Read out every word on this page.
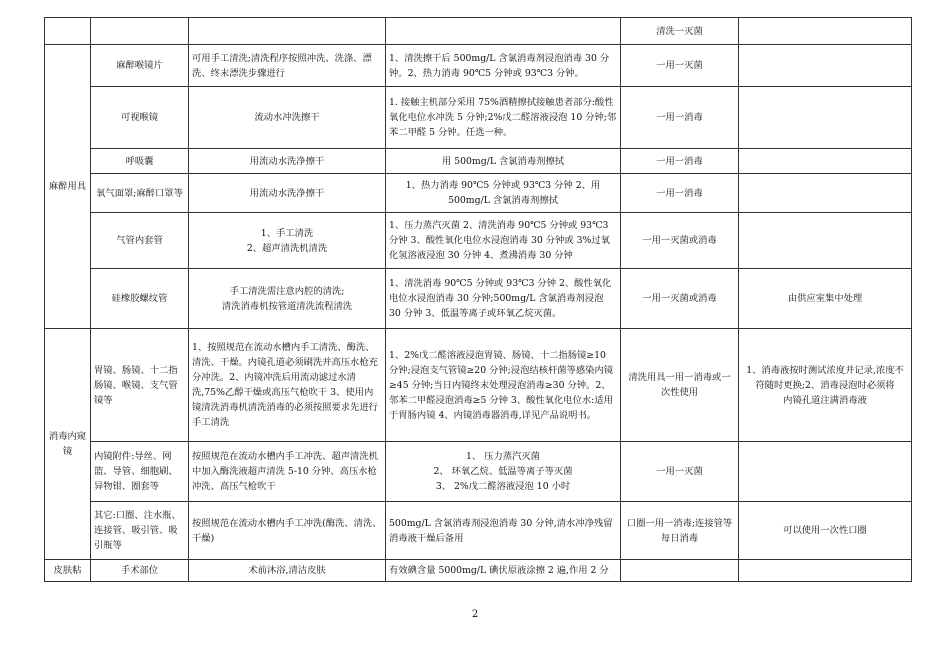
				清洗一灭菌	
麻醉用具	麻醉喉镜片	可用手工清洗;清洗程序按照冲洗、洗涤、漂洗、终末漂洗步骤进行	1、清洗擦干后 500mg/L 含氯消毒剂浸泡消毒 30 分钟。2、热力消毒 90℃5 分钟或 93℃3 分钟。	一用一灭菌	
	可视喉镜	流动水冲洗擦干	1. 接触主机部分采用 75%酒精擦拭接触患者部分:酸性氧化电位水冲洗 5 分钟;2%戊二醛溶液浸泡 10 分钟;邻苯二甲醛 5 分钟。任选一种。	一用一消毒	
	呼吸囊	用流动水洗净擦干	用 500mg/L 含氯消毒剂擦拭	一用一消毒	
	氧气面罩;麻醉口罩等	用流动水洗净擦干	1、热力消毒 90℃5 分钟或 93℃3 分钟 2、用 500mg/L 含氯消毒剂擦拭	一用一消毒	
	气管内套管	1、手工清洗
2、超声清洗机清洗	1、压力蒸汽灭菌 2、清洗消毒 90℃5 分钟或 93℃3 分钟 3、酸性氧化电位水浸泡消毒 30 分钟或 3%过氧化氢溶液浸泡 30 分钟 4、煮沸消毒 30 分钟	一用一灭菌或消毒	
	硅橡胶螺纹管	手工清洗需注意内腔的清洗;
清洗消毒机按管道清洗流程清洗	1、清洗消毒 90℃5 分钟或 93℃3 分钟 2、酸性氧化电位水浸泡消毒 30 分钟;500mg/L 含氯消毒剂浸泡 30 分钟 3、低温等离子或环氧乙烷灭菌。	一用一灭菌或消毒	由供应室集中处理
消毒内窥镜	胃镜、肠镜、十二指肠镜、喉镜、支气管镜等	1、按照规范在流动水槽内手工清洗、酶洗、清洗、干燥。内镜孔道必须刷洗并高压水枪充分冲洗。2、内镜冲洗后用流动滤过水清洗,75%乙醇干燥或高压气枪吹干 3、使用内镜清洗消毒机清洗消毒的必须按照要求先进行手工清洗	1、2%戊二醛溶液浸泡胃镜、肠镜、十二指肠镜≥10 分钟;浸泡支气管镜≥20 分钟;浸泡结核杆菌等感染内镜≥45 分钟;当日内镜终末处理浸泡消毒≥30 分钟。2、邻苯二甲醛浸泡消毒≥5 分钟 3、酸性氧化电位水:适用于胃肠内镜 4、内镜消毒器消毒,详见产品说明书。	清洗用具一用一消毒或一次性使用	1、消毒液按时测试浓度并记录,浓度不符随时更换;2、消毒浸泡时必须将
内镜孔道注满消毒液

	内镜附件:导丝、网篮、导管、细胞刷、异物钳、圈套等	按照规范在流动水槽内手工冲洗、超声清洗机中加入酶洗液超声清洗 5-10 分钟、高压水枪冲洗、高压气枪吹干	1、 压力蒸汽灭菌
2、 环氧乙烷、低温等离子等灭菌
3、 2%戊二醛溶液浸泡 10 小时	一用一灭菌	
	其它:口圈、注水瓶、连接管、吸引管、吸引瓶等	按照规范在流动水槽内手工冲洗(酶洗、清洗、干燥)	500mg/L 含氯消毒剂浸泡消毒 30 分钟,清水冲净残留消毒液干燥后备用	口圈一用一消毒;连接管等每日消毒	可以使用一次性口圈
皮肤粘	手术部位	术前沐浴,清洁皮肤	有效碘含量 5000mg/L 碘伏原液涂擦 2 遍,作用 2 分		
2
